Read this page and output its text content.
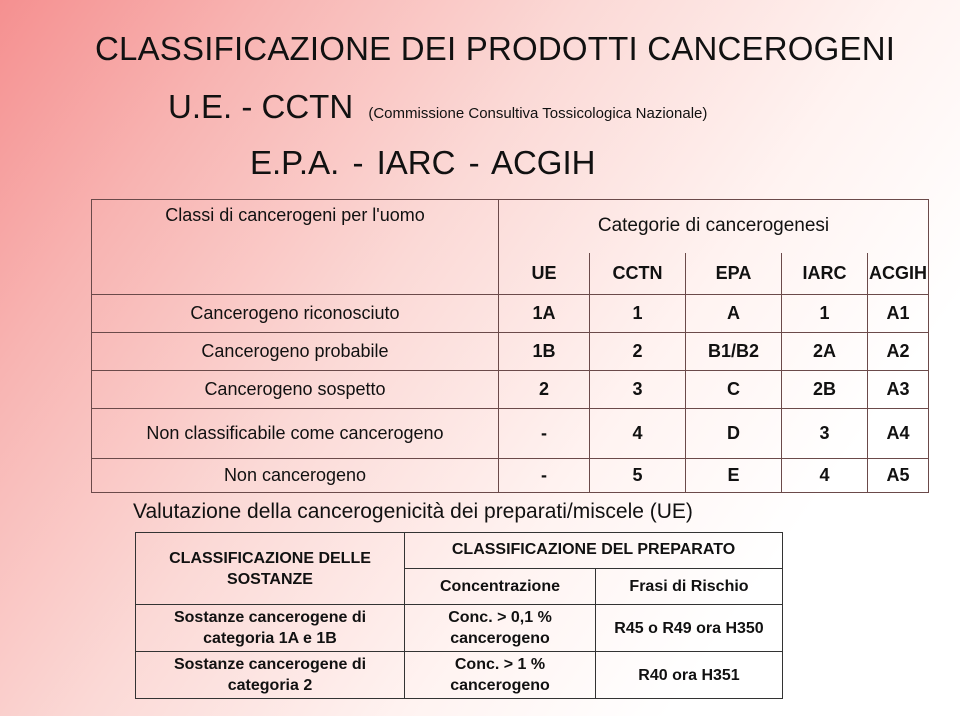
CLASSIFICAZIONE DEI PRODOTTI CANCEROGENI
U.E. - CCTN (Commissione Consultiva Tossicologica Nazionale)
E.P.A. - IARC - ACGIH
Classi di cancerogeni per l'uomo	Categorie di cancerogenesi				
	UE	CCTN	EPA	IARC	ACGIH
Cancerogeno riconosciuto	1A	1	A	1	A1
Cancerogeno probabile	1B	2	B1/B2	2A	A2
Cancerogeno sospetto	2	3	C	2B	A3
Non classificabile come cancerogeno	-	4	D	3	A4
Non cancerogeno	-	5	E	4	A5
Valutazione della cancerogenicità dei preparati/miscele (UE)
CLASSIFICAZIONE DELLE SOSTANZE	CLASSIFICAZIONE DEL PREPARATO	
	Concentrazione	Frasi di Rischio
Sostanze cancerogene di categoria 1A e 1B	Conc. > 0,1 % cancerogeno	R45 o R49 ora H350
Sostanze cancerogene di categoria 2	Conc. > 1 % cancerogeno	R40 ora H351
